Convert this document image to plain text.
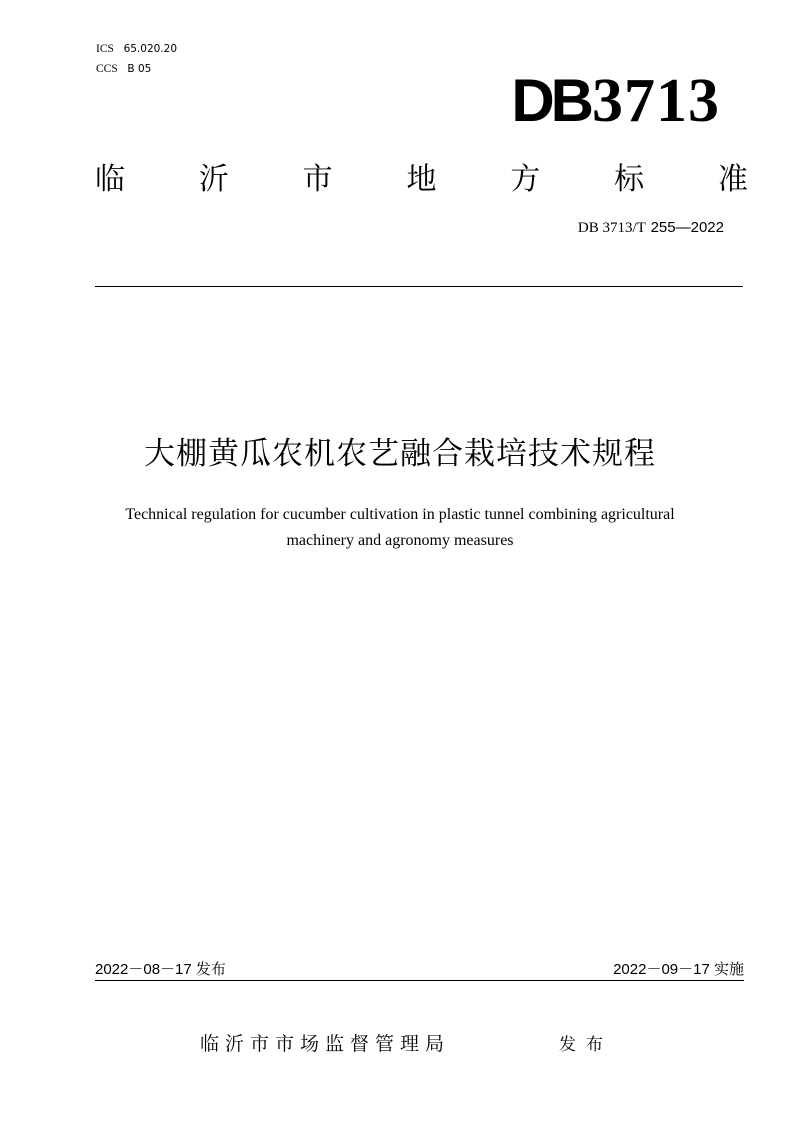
ICS 65.020.20
CCS B 05	DB3713
临 沂 市 地 方 标 准
DB 3713/T 255—2022
大棚黄瓜农机农艺融合栽培技术规程
Technical regulation for cucumber cultivation in plastic tunnel combining agricultural
machinery and agronomy measures
2022－08－17 发布	2022－09－17 实施
临沂市市场监督管理局	发布
